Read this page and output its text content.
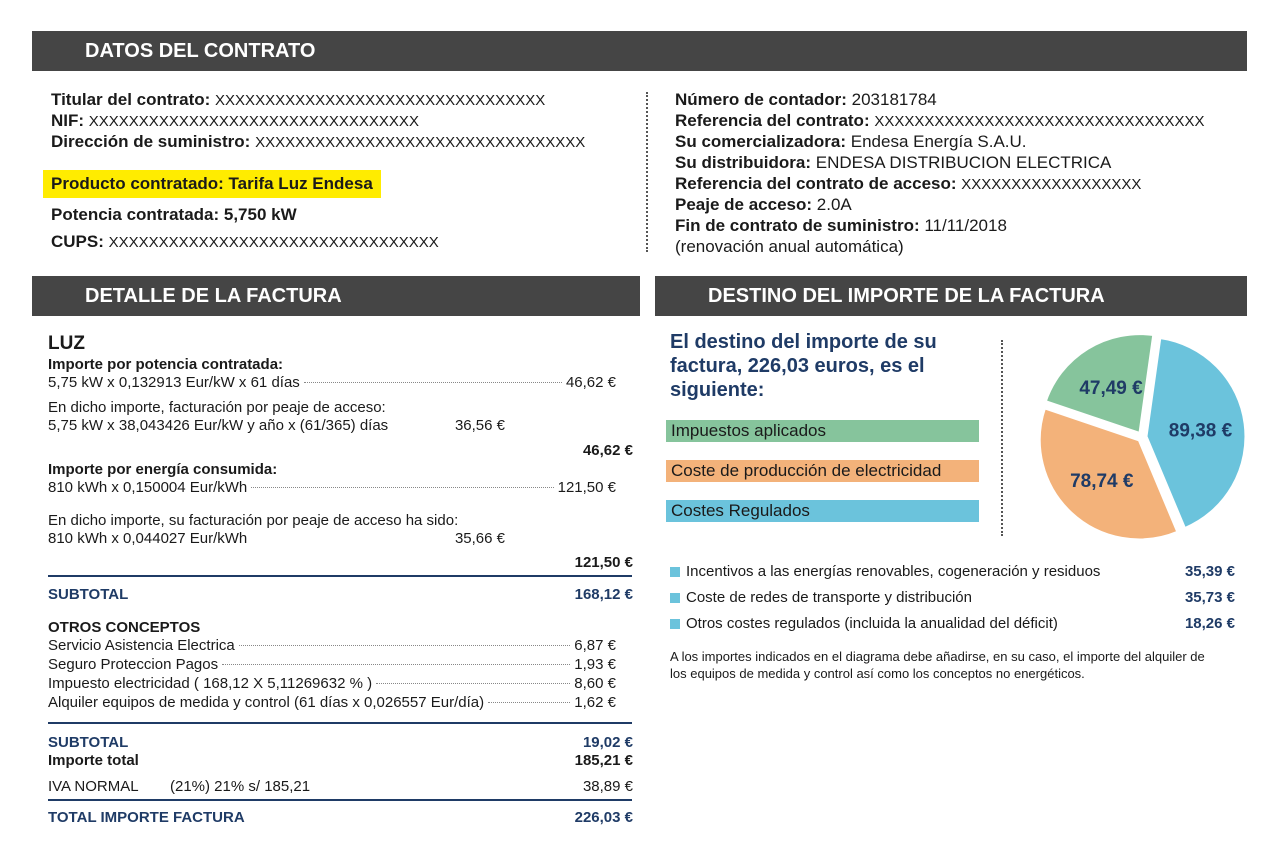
DATOS DEL CONTRATO
Titular del contrato: XXXXXXXXXXXXXXXXXXXXXXXXXXXXXXXXX
NIF: XXXXXXXXXXXXXXXXXXXXXXXXXXXXXXXXX
Dirección de suministro: XXXXXXXXXXXXXXXXXXXXXXXXXXXXXXXXX
Producto contratado: Tarifa Luz Endesa
Potencia contratada: 5,750 kW
CUPS: XXXXXXXXXXXXXXXXXXXXXXXXXXXXXXXXX
Número de contador: 203181784
Referencia del contrato: XXXXXXXXXXXXXXXXXXXXXXXXXXXXXXXXX
Su comercializadora: Endesa Energía S.A.U.
Su distribuidora: ENDESA DISTRIBUCION ELECTRICA
Referencia del contrato de acceso: XXXXXXXXXXXXXXXXXX
Peaje de acceso: 2.0A
Fin de contrato de suministro: 11/11/2018
(renovación anual automática)
DETALLE DE LA FACTURA
LUZ
Importe por potencia contratada:
5,75 kW x 0,132913 Eur/kW x 61 días	46,62 €
En dicho importe, facturación por peaje de acceso:
5,75 kW x 38,043426 Eur/kW y año x (61/365) días	36,56 €
46,62 €
Importe por energía consumida:
810 kWh x 0,150004 Eur/kWh	121,50 €
En dicho importe, su facturación por peaje de acceso ha sido:
810 kWh x 0,044027 Eur/kWh	35,66 €
121,50 €
SUBTOTAL	168,12 €
OTROS CONCEPTOS
Servicio Asistencia Electrica	6,87 €
Seguro Proteccion Pagos	1,93 €
Impuesto electricidad ( 168,12 X 5,11269632 % )	8,60 €
Alquiler equipos de medida y control (61 días x 0,026557 Eur/día)	1,62 €
SUBTOTAL	19,02 €
Importe total	185,21 €
IVA NORMAL (21%) 21% s/ 185,21	38,89 €
TOTAL IMPORTE FACTURA	226,03 €
DESTINO DEL IMPORTE DE LA FACTURA
El destino del importe de su factura, 226,03 euros, es el siguiente:
Impuestos aplicados
Coste de producción de electricidad
Costes Regulados
89,38 €
78,74 €
47,49 €
Incentivos a las energías renovables, cogeneración y residuos	35,39 €
Coste de redes de transporte y distribución	35,73 €
Otros costes regulados (incluida la anualidad del déficit)	18,26 €
A los importes indicados en el diagrama debe añadirse, en su caso, el importe del alquiler de los equipos de medida y control así como los conceptos no energéticos.
